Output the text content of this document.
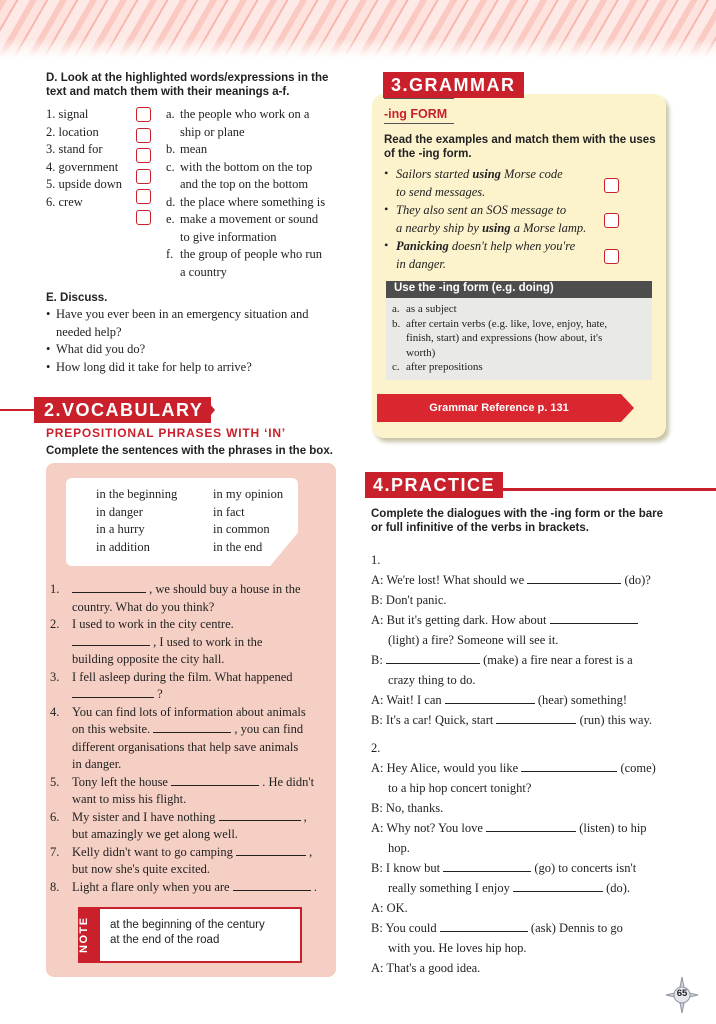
D. Look at the highlighted words/expressions in the text and match them with their meanings a-f.
1. signal
2. location
3. stand for
4. government
5. upside down
6. crew
a. the people who work on a
ship or plane
b. mean
c. with the bottom on the top
and the top on the bottom
d. the place where something is
e. make a movement or sound
to give information
f. the group of people who run
a country
E. Discuss.
• Have you ever been in an emergency situation and
needed help?
• What did you do?
• How long did it take for help to arrive?
3.GRAMMAR
-ing FORM
Read the examples and match them with the uses of the -ing form.
• Sailors started using Morse code
to send messages.
• They also sent an SOS message to
a nearby ship by using a Morse lamp.
• Panicking doesn't help when you're
in danger.
Use the -ing form (e.g. doing)
a. as a subject
b. after certain verbs (e.g. like, love, enjoy, hate,
finish, start) and expressions (how about, it's
worth)
c. after prepositions
Grammar Reference p. 131
2.VOCABULARY
PREPOSITIONAL PHRASES WITH ‘IN’
Complete the sentences with the phrases in the box.
in the beginning
in danger
in a hurry
in addition
in my opinion
in fact
in common
in the end
1.	, we should buy a house in the
country. What do you think?
2. I used to work in the city centre.
, I used to work in the
building opposite the city hall.
3. I fell asleep during the film. What happened
?
4. You can find lots of information about animals
on this website.	, you can find
different organisations that help save animals
in danger.
5. Tony left the house	. He didn't
want to miss his flight.
6. My sister and I have nothing	,
but amazingly we get along well.
7. Kelly didn't want to go camping	,
but now she's quite excited.
8. Light a flare only when you are	.
NOTE	at the beginning of the century
at the end of the road
4.PRACTICE
Complete the dialogues with the -ing form or the bare or full infinitive of the verbs in brackets.
1.
A: We're lost! What should we	(do)?
B: Don't panic.
A: But it's getting dark. How about
(light) a fire? Someone will see it.
B:	(make) a fire near a forest is a
crazy thing to do.
A: Wait! I can	(hear) something!
B: It's a car! Quick, start	(run) this way.
2.
A: Hey Alice, would you like	(come)
to a hip hop concert tonight?
B: No, thanks.
A: Why not? You love	(listen) to hip
hop.
B: I know but	(go) to concerts isn't
really something I enjoy	(do).
A: OK.
B: You could	(ask) Dennis to go
with you. He loves hip hop.
A: That's a good idea.
65
